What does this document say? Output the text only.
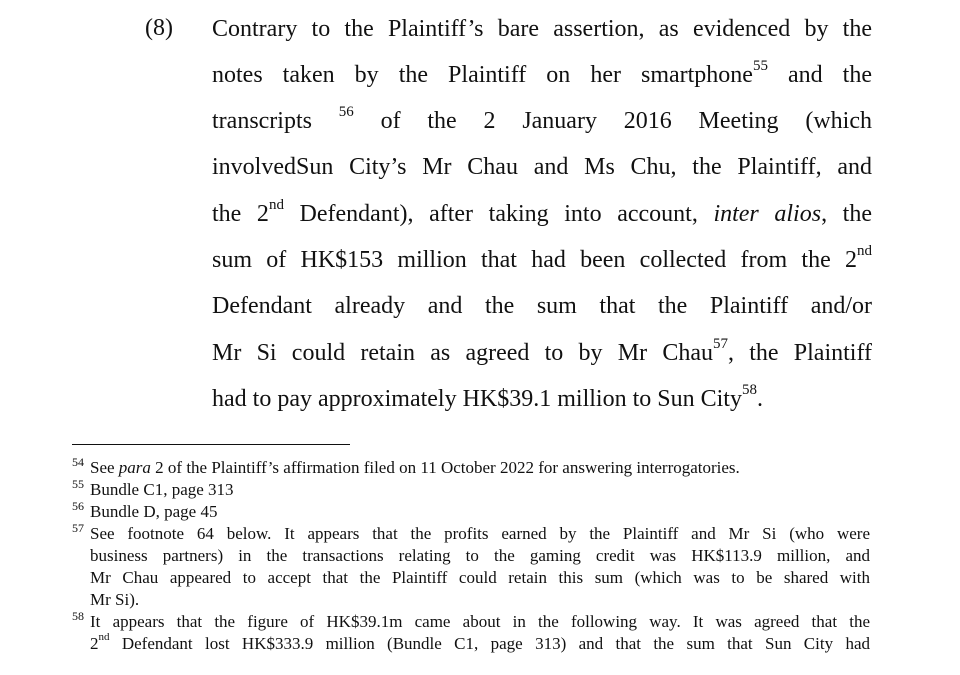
(8) Contrary to the Plaintiff’s bare assertion, as evidenced by the
notes taken by the Plaintiff on her smartphone$^{55}$ and the
transcripts $^{56}$ of the 2 January 2016 Meeting (which
involvedSun City’s Mr Chau and Ms Chu, the Plaintiff, and
the 2nd Defendant), after taking into account, inter alios, the
sum of HK$153 million that had been collected from the 2nd
Defendant already and the sum that the Plaintiff and/or
Mr Si could retain as agreed to by Mr Chau$^{57}$, the Plaintiff
had to pay approximately HK$39.1 million to Sun City$^{58}$.
54 See para 2 of the Plaintiff’s affirmation filed on 11 October 2022 for answering interrogatories.
55 Bundle C1, page 313
56 Bundle D, page 45
57 See footnote 64 below. It appears that the profits earned by the Plaintiff and Mr Si (who were
business partners) in the transactions relating to the gaming credit was HK$113.9 million, and
Mr Chau appeared to accept that the Plaintiff could retain this sum (which was to be shared with
Mr Si).
58 It appears that the figure of HK$39.1m came about in the following way. It was agreed that the
2nd Defendant lost HK$333.9 million (Bundle C1, page 313) and that the sum that Sun City had
